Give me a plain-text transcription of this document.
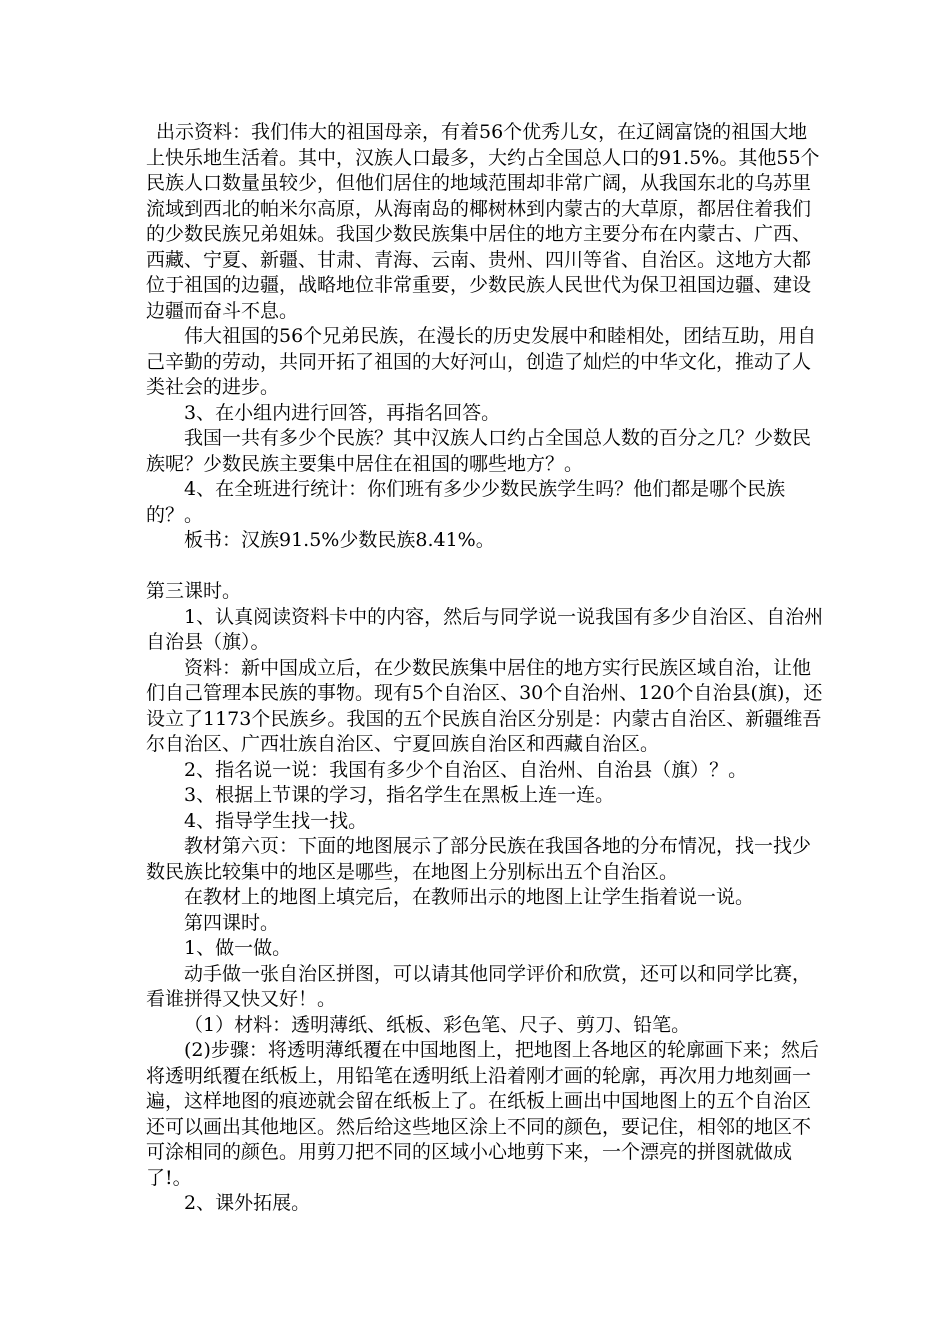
出示资料：我们伟大的祖国母亲，有着56个优秀儿女，在辽阔富饶的祖国大地上快乐地生活着。其中，汉族人口最多，大约占全国总人口的91.5%。其他55个民族人口数量虽较少，但他们居住的地域范围却非常广阔，从我国东北的乌苏里流域到西北的帕米尔高原，从海南岛的椰树林到内蒙古的大草原，都居住着我们的少数民族兄弟姐妹。我国少数民族集中居住的地方主要分布在内蒙古、广西、西藏、宁夏、新疆、甘肃、青海、云南、贵州、四川等省、自治区。这地方大都位于祖国的边疆，战略地位非常重要，少数民族人民世代为保卫祖国边疆、建设边疆而奋斗不息。

伟大祖国的56个兄弟民族，在漫长的历史发展中和睦相处，团结互助，用自己辛勤的劳动，共同开拓了祖国的大好河山，创造了灿烂的中华文化，推动了人类社会的进步。

3、在小组内进行回答，再指名回答。

我国一共有多少个民族？其中汉族人口约占全国总人数的百分之几？少数民族呢？少数民族主要集中居住在祖国的哪些地方？。

4、在全班进行统计：你们班有多少少数民族学生吗？他们都是哪个民族的？。

板书：汉族91.5%少数民族8.41%。

第三课时。

1、认真阅读资料卡中的内容，然后与同学说一说我国有多少自治区、自治州自治县（旗）。

资料：新中国成立后，在少数民族集中居住的地方实行民族区域自治，让他们自己管理本民族的事物。现有5个自治区、30个自治州、120个自治县(旗)，还设立了1173个民族乡。我国的五个民族自治区分别是：内蒙古自治区、新疆维吾尔自治区、广西壮族自治区、宁夏回族自治区和西藏自治区。

2、指名说一说：我国有多少个自治区、自治州、自治县（旗）？。

3、根据上节课的学习，指名学生在黑板上连一连。

4、指导学生找一找。

教材第六页：下面的地图展示了部分民族在我国各地的分布情况，找一找少数民族比较集中的地区是哪些，在地图上分别标出五个自治区。

在教材上的地图上填完后，在教师出示的地图上让学生指着说一说。

第四课时。

1、做一做。

动手做一张自治区拼图，可以请其他同学评价和欣赏，还可以和同学比赛，看谁拼得又快又好！。

（1）材料：透明薄纸、纸板、彩色笔、尺子、剪刀、铅笔。

(2)步骤：将透明薄纸覆在中国地图上，把地图上各地区的轮廓画下来；然后将透明纸覆在纸板上，用铅笔在透明纸上沿着刚才画的轮廓，再次用力地刻画一遍，这样地图的痕迹就会留在纸板上了。在纸板上画出中国地图上的五个自治区还可以画出其他地区。然后给这些地区涂上不同的颜色，要记住，相邻的地区不可涂相同的颜色。用剪刀把不同的区域小心地剪下来，一个漂亮的拼图就做成了!。

2、课外拓展。
